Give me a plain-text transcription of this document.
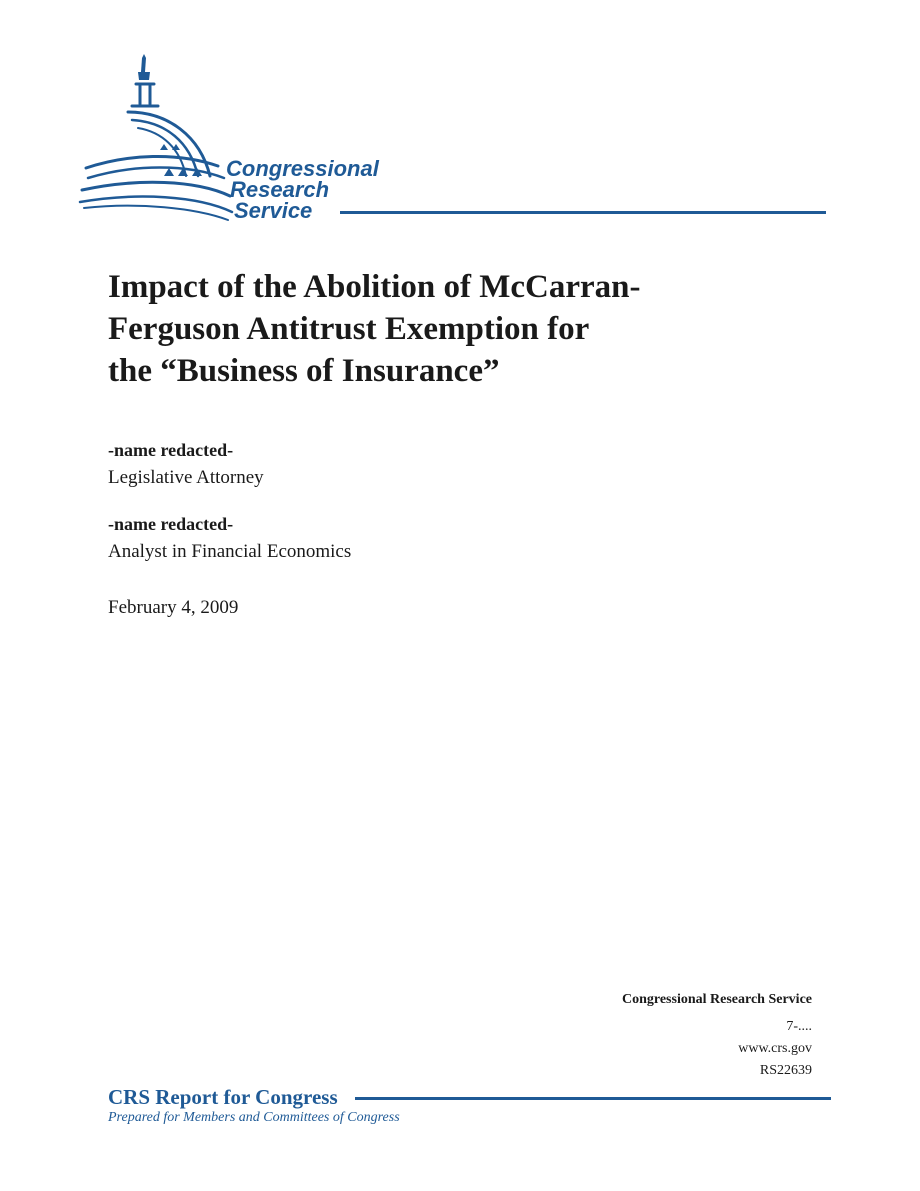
Congressional
Research
Service
Impact of the Abolition of McCarran-
Ferguson Antitrust Exemption for
the “Business of Insurance”
-name redacted-
Legislative Attorney
-name redacted-
Analyst in Financial Economics
February 4, 2009
Congressional Research Service
7-....
www.crs.gov
RS22639
CRS Report for Congress
Prepared for Members and Committees of Congress
